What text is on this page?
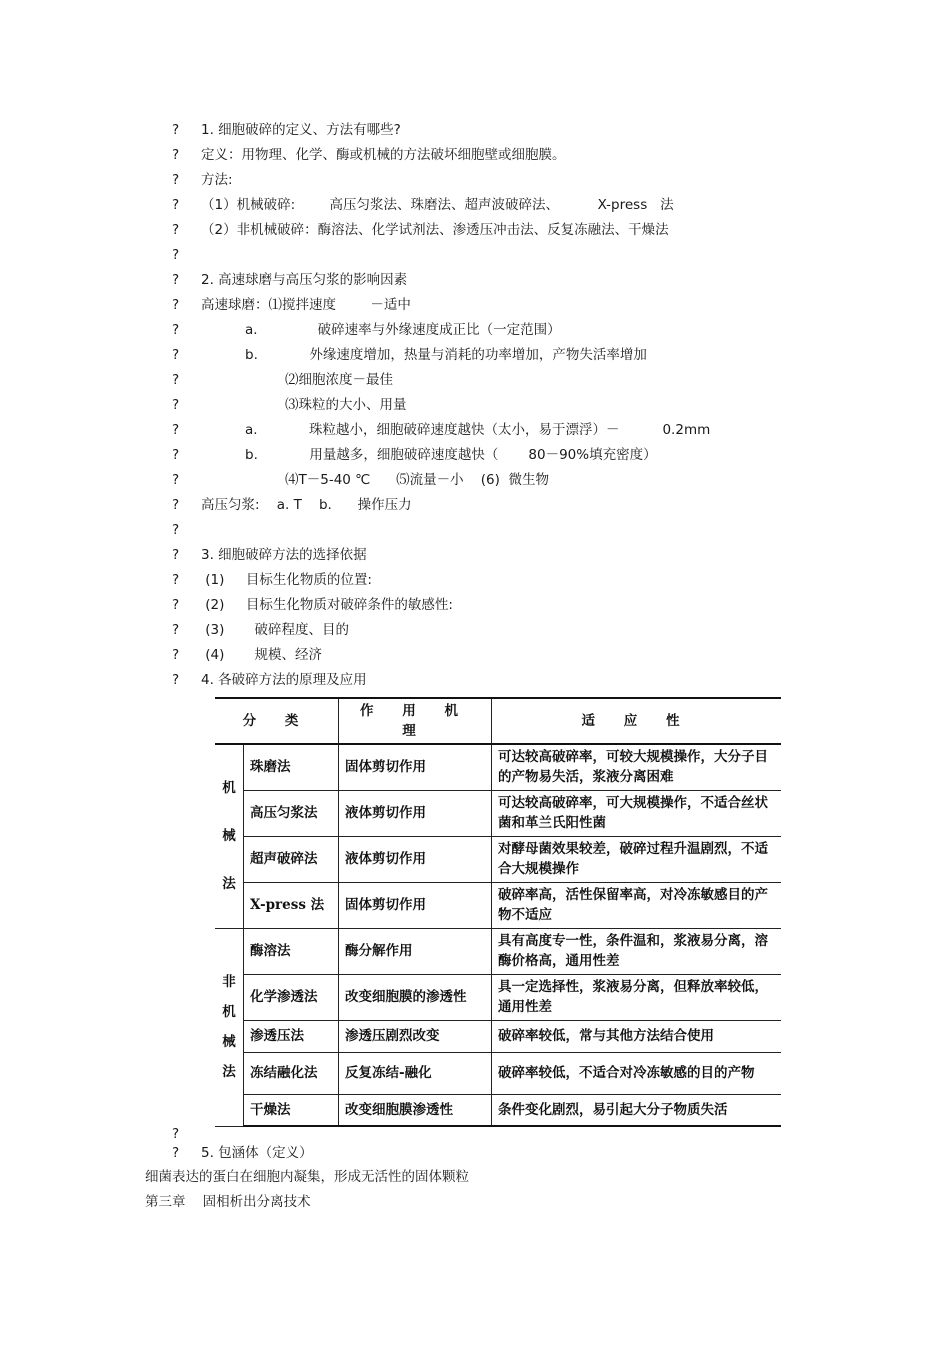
? 1. 细胞破碎的定义、方法有哪些?
? 定义：用物理、化学、酶或机械的方法破坏细胞壁或细胞膜。
? 方法:
? （1）机械破碎:        高压匀浆法、珠磨法、超声波破碎法、         X-press   法
? （2）非机械破碎：酶溶法、化学试剂法、渗透压冲击法、反复冻融法、干燥法
?
? 2. 高速球磨与高压匀浆的影响因素
? 高速球磨：⑴搅拌速度        －适中
?	a.              破碎速率与外缘速度成正比（一定范围）
?	b.            外缘速度增加，热量与消耗的功率增加，产物失活率增加
?	⑵细胞浓度－最佳
?	⑶珠粒的大小、用量
?	a.            珠粒越小，细胞破碎速度越快（太小，易于漂浮）－          0.2mm
?	b.            用量越多，细胞破碎速度越快（       80－90%填充密度）
?	⑷T－5-40 ℃      ⑸流量－小    (6)  微生物
? 高压匀浆:    a. T    b.      操作压力
?
? 3. 细胞破碎方法的选择依据
? (1)     目标生化物质的位置:
? (2)     目标生化物质对破碎条件的敏感性:
? (3)       破碎程度、目的
? (4)       规模、经济
? 4. 各破碎方法的原理及应用
?
? 5. 包涵体（定义）
细菌表达的蛋白在细胞内凝集，形成无活性的固体颗粒
第三章    固相析出分离技术
分 类		作 用 机 理	适 应 性
机

械

法	珠磨法	固体剪切作用	可达较高破碎率，可较大规模操作，大分子目的产物易失活，浆液分离困难
	高压匀浆法	液体剪切作用	可达较高破碎率，可大规模操作，不适合丝状菌和革兰氏阳性菌
	超声破碎法	液体剪切作用	对酵母菌效果较差，破碎过程升温剧烈，不适合大规模操作
	X-press 法	固体剪切作用	破碎率高，活性保留率高，对冷冻敏感目的产物不适应
非
机
械
法	酶溶法	酶分解作用	具有高度专一性，条件温和，浆液易分离，溶酶价格高，通用性差
	化学渗透法	改变细胞膜的渗透性	具一定选择性，浆液易分离，但释放率较低，通用性差
	渗透压法	渗透压剧烈改变	破碎率较低，常与其他方法结合使用
	冻结融化法	反复冻结-融化	破碎率较低，不适合对冷冻敏感的目的产物
	干燥法	改变细胞膜渗透性	条件变化剧烈，易引起大分子物质失活
